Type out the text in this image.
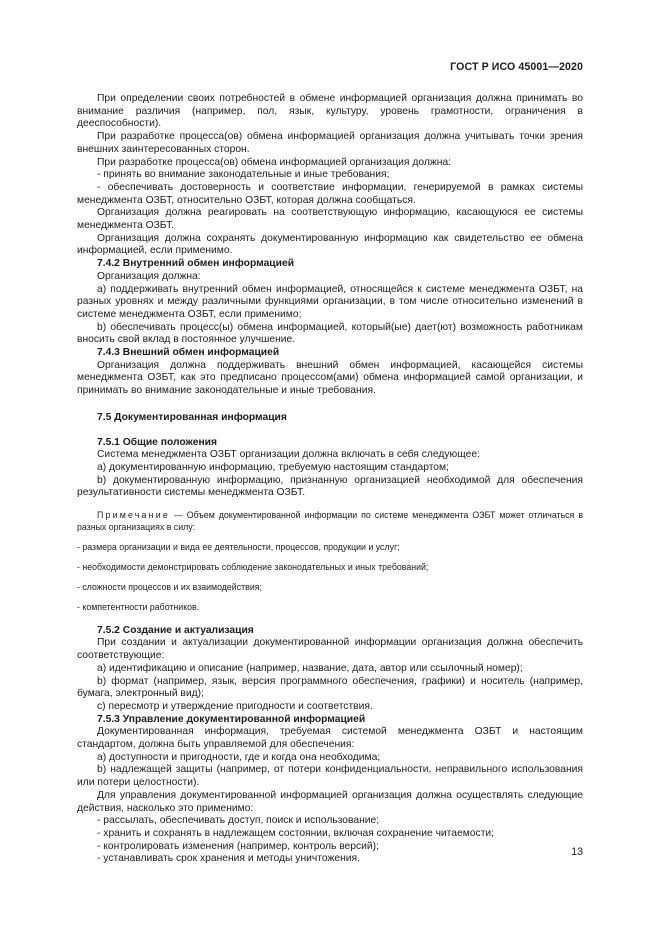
ГОСТ Р ИСО 45001—2020

При определении своих потребностей в обмене информацией организация должна принимать во внимание различия (например, пол, язык, культуру, уровень грамотности, ограничения в дееспособности).

При разработке процесса(ов) обмена информацией организация должна учитывать точки зрения внешних заинтересованных сторон.

При разработке процесса(ов) обмена информацией организация должна:

- принять во внимание законодательные и иные требования;

- обеспечивать достоверность и соответствие информации, генерируемой в рамках системы менеджмента ОЗБТ, относительно ОЗБТ, которая должна сообщаться.

Организация должна реагировать на соответствующую информацию, касающуюся ее системы менеджмента ОЗБТ.

Организация должна сохранять документированную информацию как свидетельство ее обмена информацией, если применимо.

7.4.2 Внутренний обмен информацией

Организация должна:

a) поддерживать внутренний обмен информацией, относящейся к системе менеджмента ОЗБТ, на разных уровнях и между различными функциями организации, в том числе относительно изменений в системе менеджмента ОЗБТ, если применимо;

b) обеспечивать процесс(ы) обмена информацией, который(ые) дает(ют) возможность работникам вносить свой вклад в постоянное улучшение.

7.4.3 Внешний обмен информацией

Организация должна поддерживать внешний обмен информацией, касающейся системы менеджмента ОЗБТ, как это предписано процессом(ами) обмена информацией самой организации, и принимать во внимание законодательные и иные требования.

7.5 Документированная информация

7.5.1 Общие положения

Система менеджмента ОЗБТ организации должна включать в себя следующее:

a) документированную информацию, требуемую настоящим стандартом;

b) документированную информацию, признанную организацией необходимой для обеспечения результативности системы менеджмента ОЗБТ.

Примечание — Объем документированной информации по системе менеджмента ОЗБТ может отличаться в разных организациях в силу:

- размера организации и вида ее деятельности, процессов, продукции и услуг;

- необходимости демонстрировать соблюдение законодательных и иных требований;

- сложности процессов и их взаимодействия;

- компетентности работников.

7.5.2 Создание и актуализация

При создании и актуализации документированной информации организация должна обеспечить соответствующие:

a) идентификацию и описание (например, название, дата, автор или ссылочный номер);

b) формат (например, язык, версия программного обеспечения, графики) и носитель (например, бумага, электронный вид);

c) пересмотр и утверждение пригодности и соответствия.

7.5.3 Управление документированной информацией

Документированная информация, требуемая системой менеджмента ОЗБТ и настоящим стандартом, должна быть управляемой для обеспечения:

a) доступности и пригодности, где и когда она необходима;

b) надлежащей защиты (например, от потери конфиденциальности, неправильного использования или потери целостности).

Для управления документированной информацией организация должна осуществлять следующие действия, насколько это применимо:

- рассылать, обеспечивать доступ, поиск и использование;

- хранить и сохранять в надлежащем состоянии, включая сохранение читаемости;

- контролировать изменения (например, контроль версий);

- устанавливать срок хранения и методы уничтожения.

13
